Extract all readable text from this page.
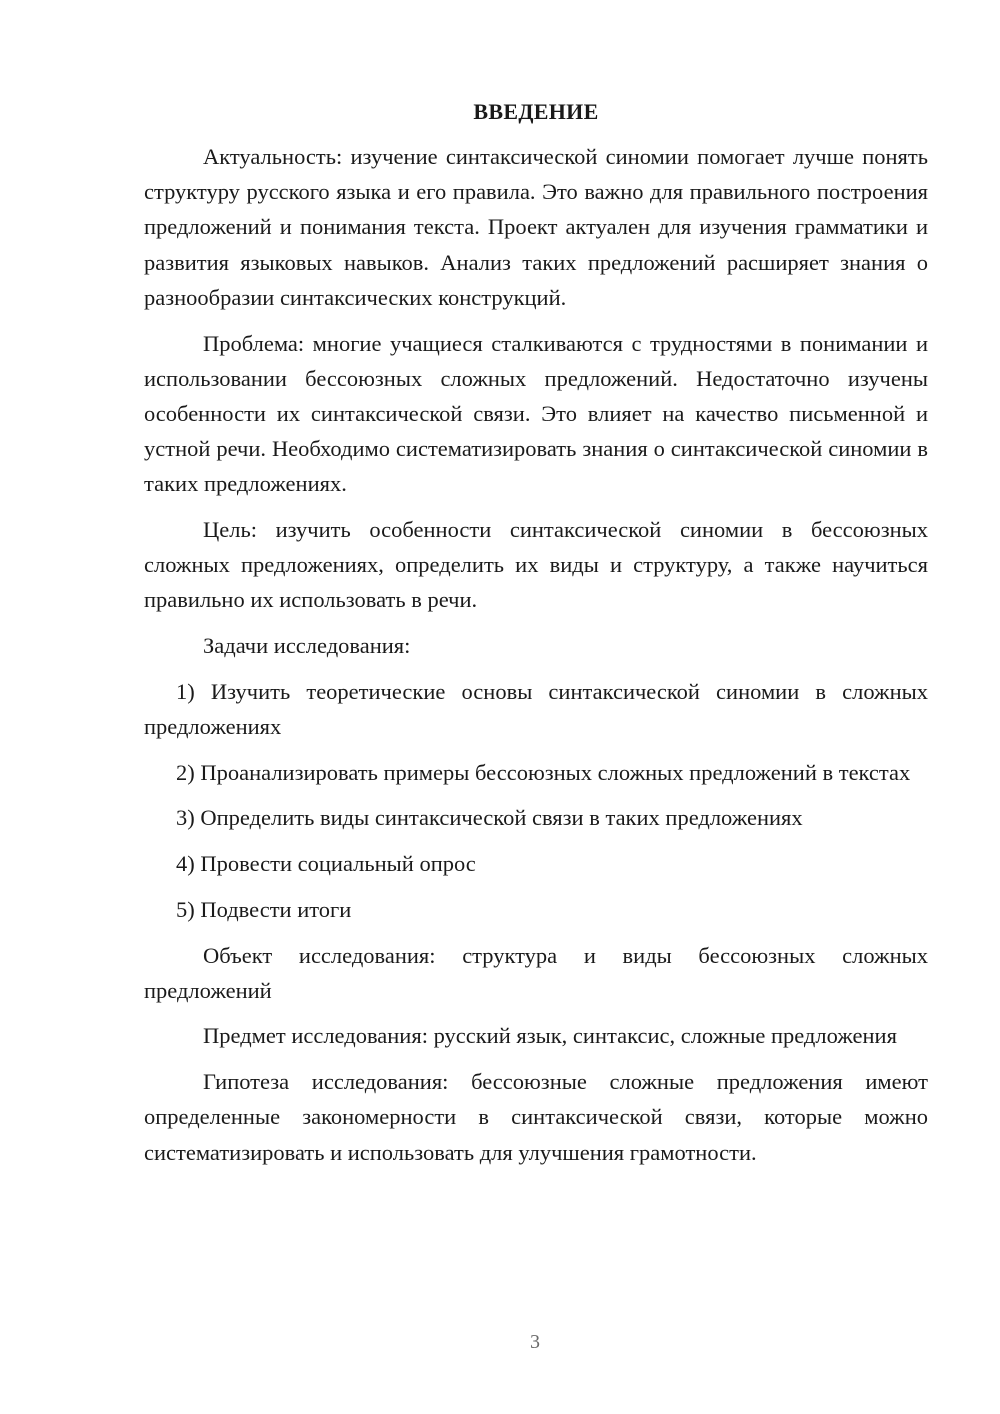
ВВЕДЕНИЕ

Актуальность: изучение синтаксической синомии помогает лучше понять структуру русского языка и его правила. Это важно для правильного построения предложений и понимания текста. Проект актуален для изучения грамматики и развития языковых навыков. Анализ таких предложений расширяет знания о разнообразии синтаксических конструкций.

Проблема: многие учащиеся сталкиваются с трудностями в понимании и использовании бессоюзных сложных предложений. Недостаточно изучены особенности их синтаксической связи. Это влияет на качество письменной и устной речи. Необходимо систематизировать знания о синтаксической синомии в таких предложениях.

Цель: изучить особенности синтаксической синомии в бессоюзных сложных предложениях, определить их виды и структуру, а также научиться правильно их использовать в речи.

Задачи исследования:

1) Изучить теоретические основы синтаксической синомии в сложных предложениях

2) Проанализировать примеры бессоюзных сложных предложений в текстах

3) Определить виды синтаксической связи в таких предложениях

4) Провести социальный опрос

5) Подвести итоги

Объект исследования: структура и виды бессоюзных сложных предложений

Предмет исследования: русский язык, синтаксис, сложные предложения

Гипотеза исследования: бессоюзные сложные предложения имеют определенные закономерности в синтаксической связи, которые можно систематизировать и использовать для улучшения грамотности.

3
